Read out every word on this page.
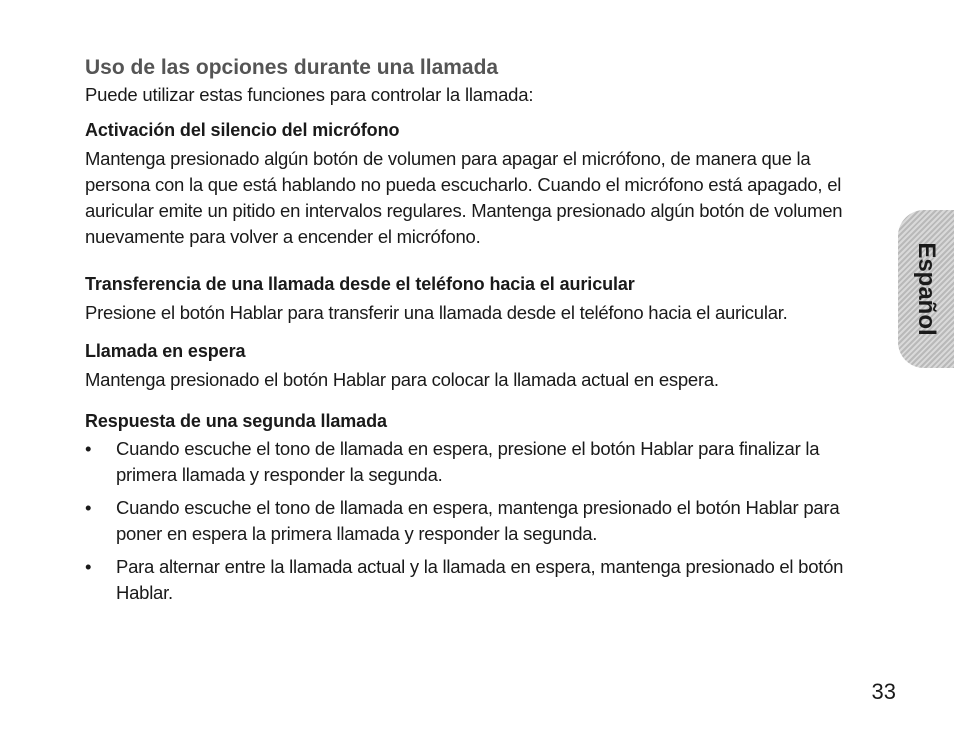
Uso de las opciones durante una llamada

Puede utilizar estas funciones para controlar la llamada:

Activación del silencio del micrófono

Mantenga presionado algún botón de volumen para apagar el micrófono, de manera que la persona con la que está hablando no pueda escucharlo. Cuando el micrófono está apagado, el auricular emite un pitido en intervalos regulares. Mantenga presionado algún botón de volumen nuevamente para volver a encender el micrófono.

Transferencia de una llamada desde el teléfono hacia el auricular

Presione el botón Hablar para transferir una llamada desde el teléfono hacia el auricular.

Llamada en espera

Mantenga presionado el botón Hablar para colocar la llamada actual en espera.

Respuesta de una segunda llamada
• Cuando escuche el tono de llamada en espera, presione el botón Hablar para finalizar la primera llamada y responder la segunda.
• Cuando escuche el tono de llamada en espera, mantenga presionado el botón Hablar para poner en espera la primera llamada y responder la segunda.
• Para alternar entre la llamada actual y la llamada en espera, mantenga presionado el botón Hablar.
Español
33
